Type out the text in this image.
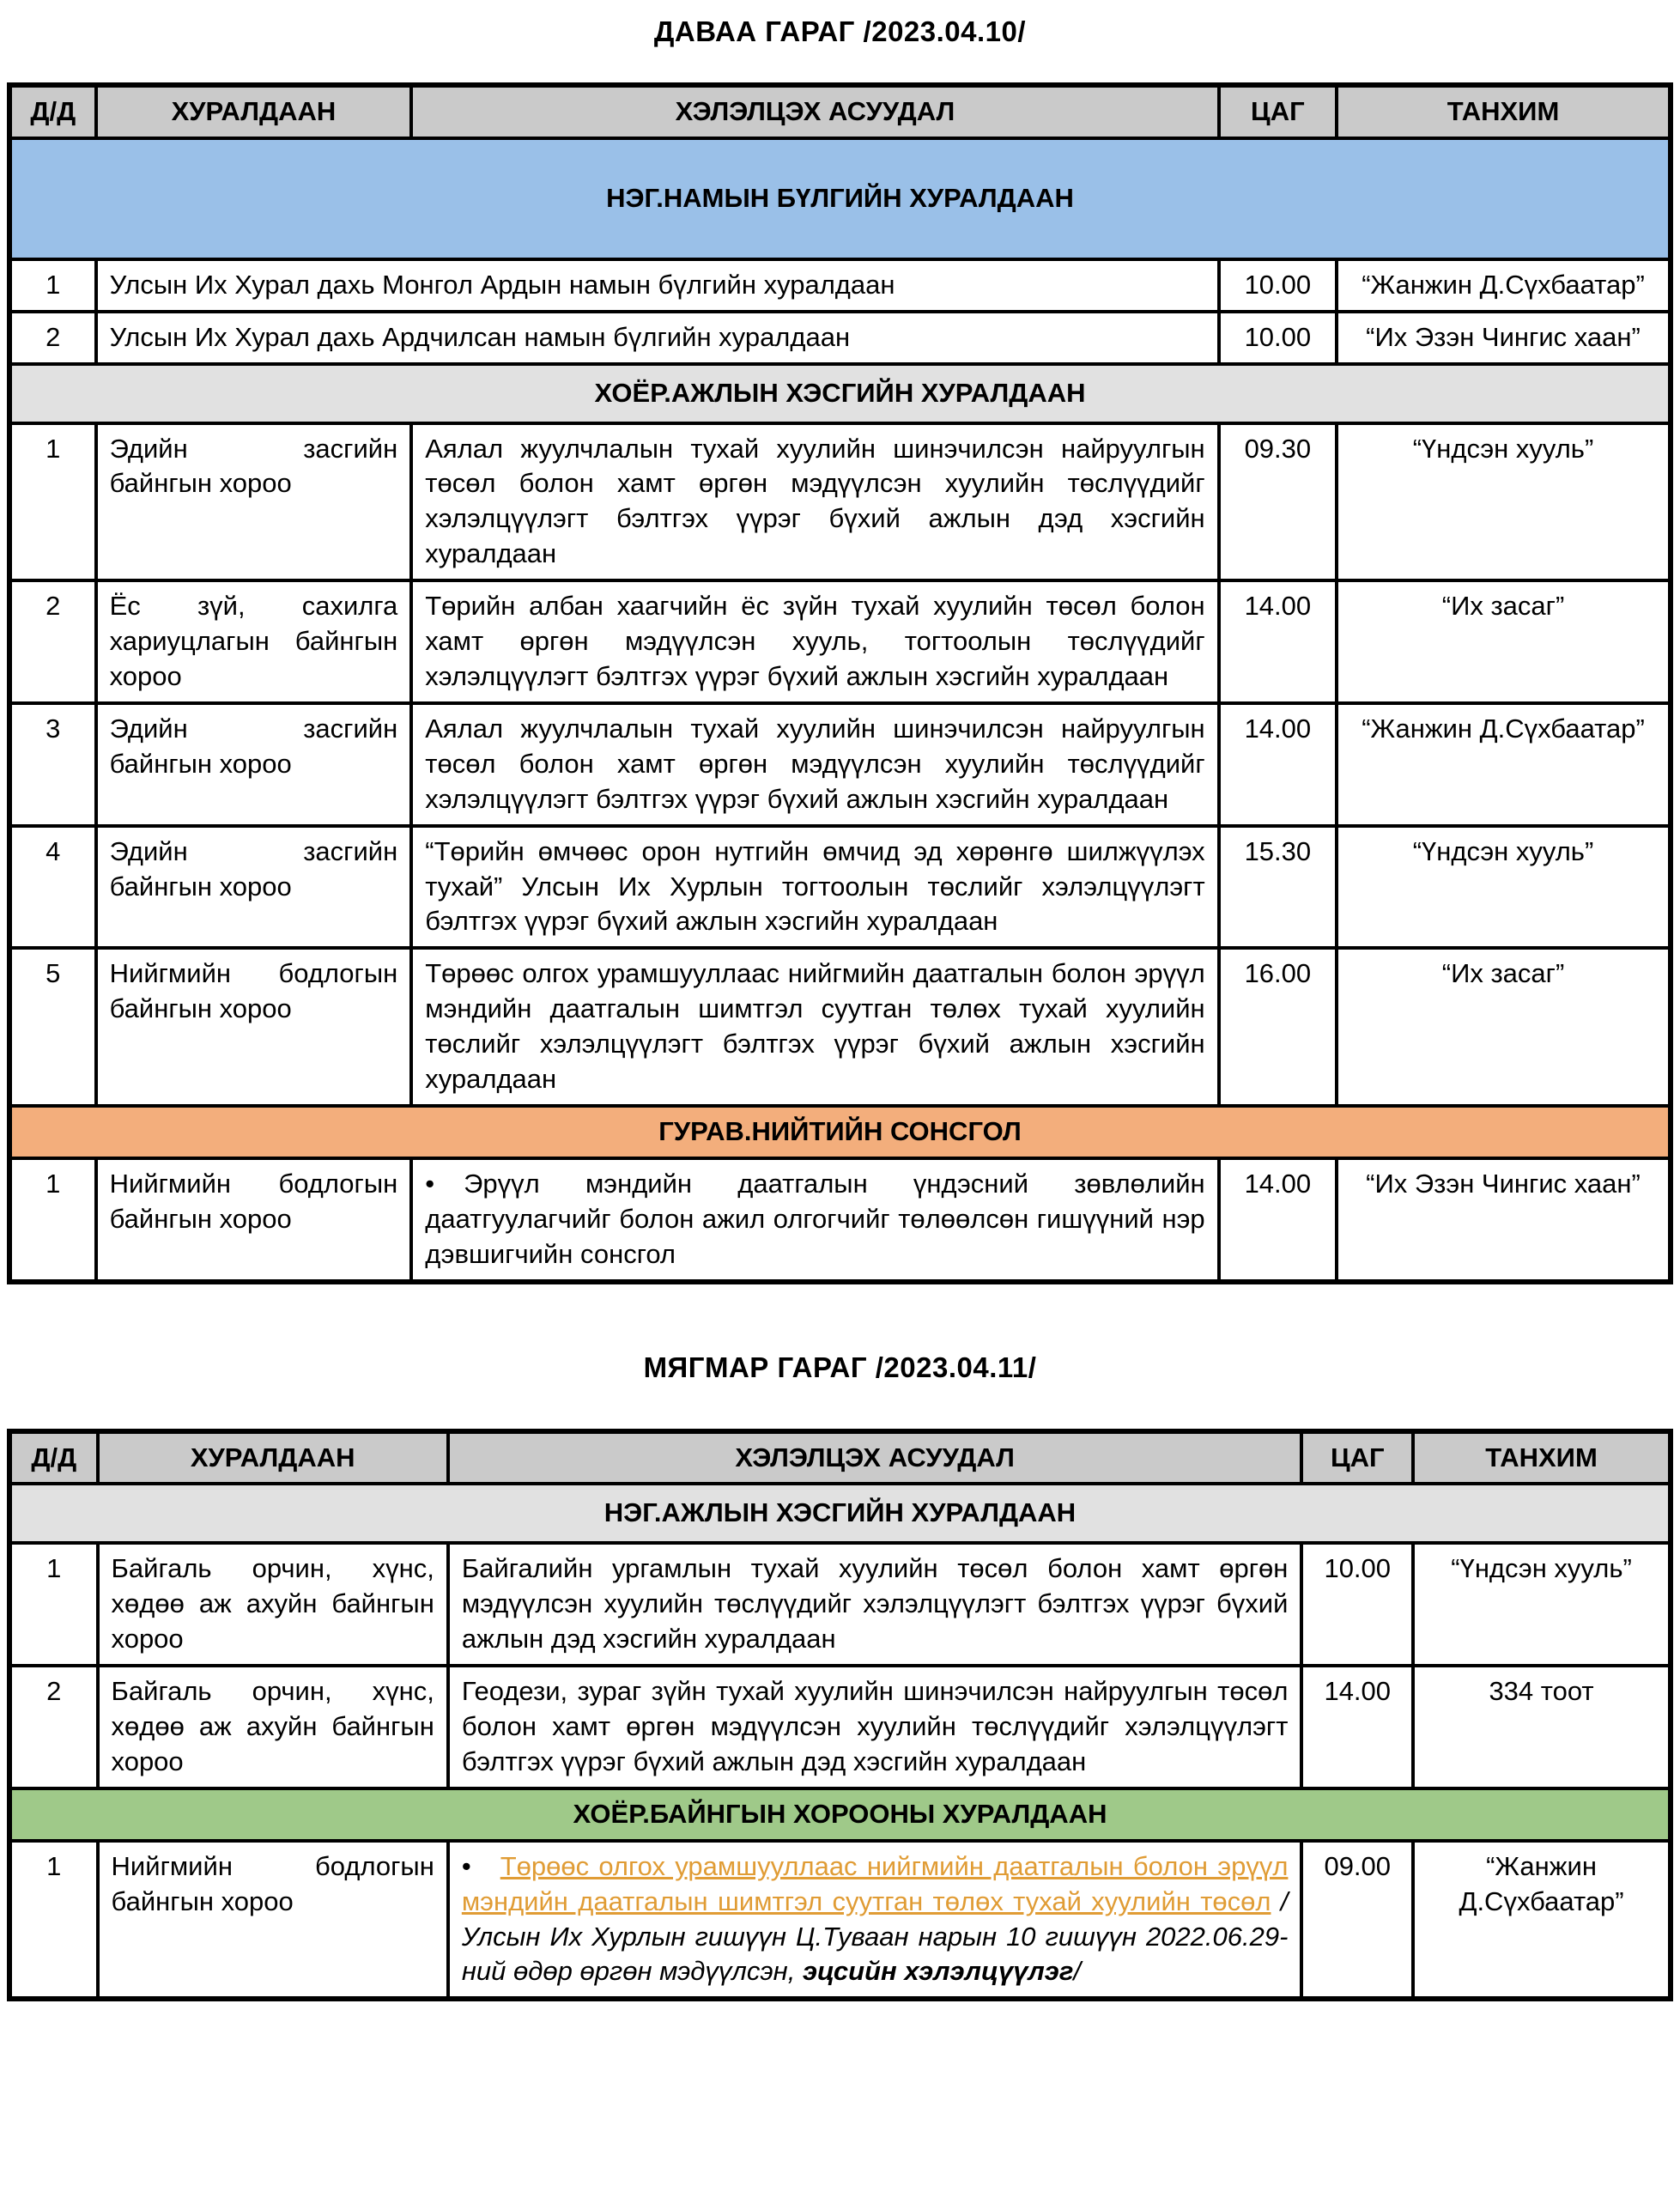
ДАВАА ГАРАГ /2023.04.10/
Д/Д	ХУРАЛДААН	ХЭЛЭЛЦЭХ АСУУДАЛ	ЦАГ	ТАНХИМ
НЭГ.НАМЫН БҮЛГИЙН ХУРАЛДААН				
1	Улсын Их Хурал дахь Монгол Ардын намын бүлгийн хуралдаан		10.00	“Жанжин Д.Сүхбаатар”
2	Улсын Их Хурал дахь Ардчилсан намын бүлгийн хуралдаан		10.00	“Их Эзэн Чингис хаан”
ХОЁР.АЖЛЫН ХЭСГИЙН ХУРАЛДААН				
1	Эдийн засгийн байнгын хороо	Аялал жуулчлалын тухай хуулийн шинэчилсэн найруулгын төсөл болон хамт өргөн мэдүүлсэн хуулийн төслүүдийг хэлэлцүүлэгт бэлтгэх үүрэг бүхий ажлын дэд хэсгийн хуралдаан	09.30	“Үндсэн хууль”
2	Ёс зүй, сахилга хариуцлагын байнгын хороо	Төрийн албан хаагчийн ёс зүйн тухай хуулийн төсөл болон хамт өргөн мэдүүлсэн хууль, тогтоолын төслүүдийг хэлэлцүүлэгт бэлтгэх үүрэг бүхий ажлын хэсгийн хуралдаан	14.00	“Их засаг”
3	Эдийн засгийн байнгын хороо	Аялал жуулчлалын тухай хуулийн шинэчилсэн найруулгын төсөл болон хамт өргөн мэдүүлсэн хуулийн төслүүдийг хэлэлцүүлэгт бэлтгэх үүрэг бүхий ажлын хэсгийн хуралдаан	14.00	“Жанжин Д.Сүхбаатар”
4	Эдийн засгийн байнгын хороо	“Төрийн өмчөөс орон нутгийн өмчид эд хөрөнгө шилжүүлэх тухай” Улсын Их Хурлын тогтоолын төслийг хэлэлцүүлэгт бэлтгэх үүрэг бүхий ажлын хэсгийн хуралдаан	15.30	“Үндсэн хууль”
5	Нийгмийн бодлогын байнгын хороо	Төрөөс олгох урамшууллаас нийгмийн даатгалын болон эрүүл мэндийн даатгалын шимтгэл суутган төлөх тухай хуулийн төслийг хэлэлцүүлэгт бэлтгэх үүрэг бүхий ажлын хэсгийн хуралдаан	16.00	“Их засаг”
ГУРАВ.НИЙТИЙН СОНСГОЛ				
1	Нийгмийн бодлогын байнгын хороо	• Эрүүл мэндийн даатгалын үндэсний зөвлөлийн даатгуулагчийг болон ажил олгогчийг төлөөлсөн гишүүний нэр дэвшигчийн сонсгол	14.00	“Их Эзэн Чингис хаан”
МЯГМАР ГАРАГ /2023.04.11/
Д/Д	ХУРАЛДААН	ХЭЛЭЛЦЭХ АСУУДАЛ	ЦАГ	ТАНХИМ
НЭГ.АЖЛЫН ХЭСГИЙН ХУРАЛДААН				
1	Байгаль орчин, хүнс, хөдөө аж ахуйн байнгын хороо	Байгалийн ургамлын тухай хуулийн төсөл болон хамт өргөн мэдүүлсэн хуулийн төслүүдийг хэлэлцүүлэгт бэлтгэх үүрэг бүхий ажлын дэд хэсгийн хуралдаан	10.00	“Үндсэн хууль”
2	Байгаль орчин, хүнс, хөдөө аж ахуйн байнгын хороо	Геодези, зураг зүйн тухай хуулийн шинэчилсэн найруулгын төсөл болон хамт өргөн мэдүүлсэн хуулийн төслүүдийг хэлэлцүүлэгт бэлтгэх үүрэг бүхий ажлын дэд хэсгийн хуралдаан	14.00	334 тоот
ХОЁР.БАЙНГЫН ХОРООНЫ ХУРАЛДААН				
1	Нийгмийн бодлогын байнгын хороо	• Төрөөс олгох урамшууллаас нийгмийн даатгалын болон эрүүл мэндийн даатгалын шимтгэл суутган төлөх тухай хуулийн төсөл /Улсын Их Хурлын гишүүн Ц.Туваан нарын 10 гишүүн 2022.06.29-ний өдөр өргөн мэдүүлсэн, эцсийн хэлэлцүүлэг/	09.00	“Жанжин Д.Сүхбаатар”
